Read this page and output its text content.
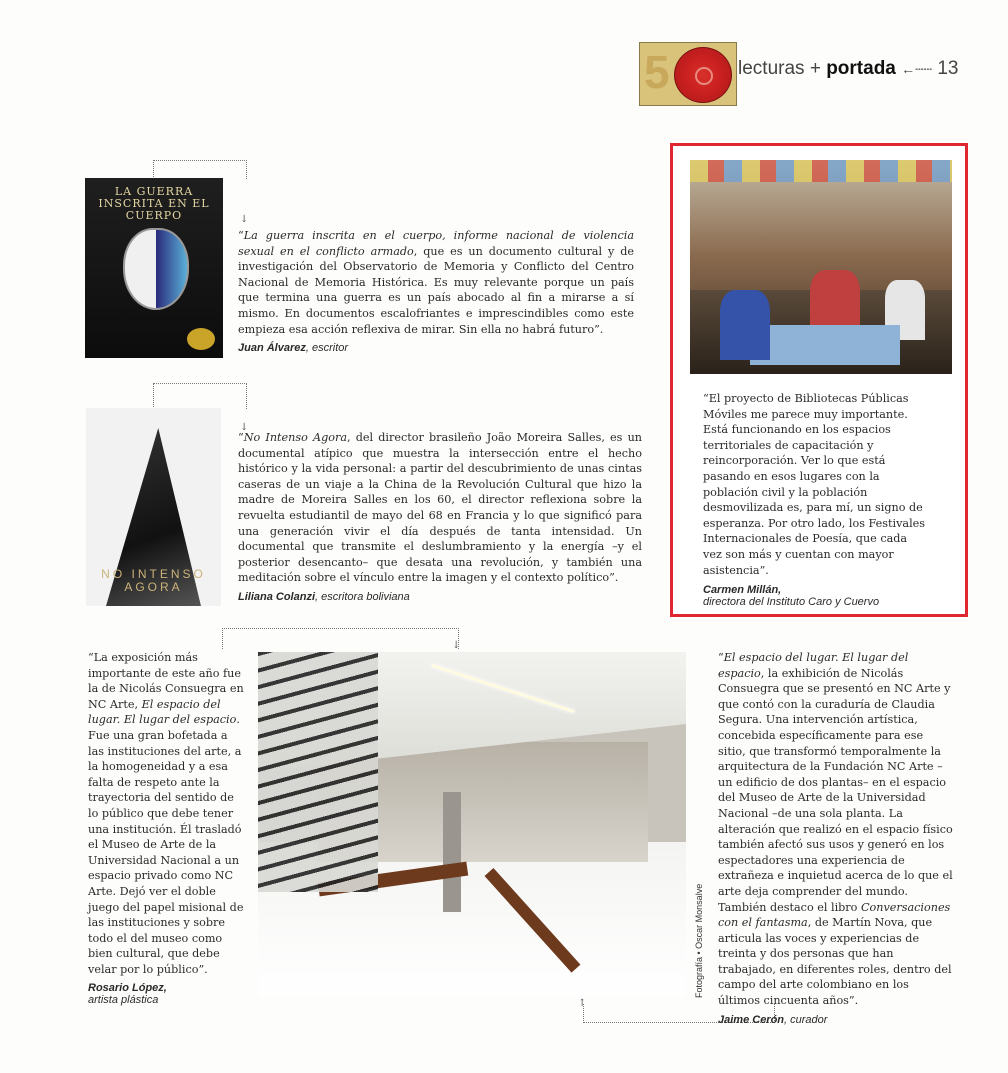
5	lecturas + portada ←┄┄ 13
↓
↓
↓
↑
LA GUERRA INSCRITA EN EL CUERPO

“La guerra inscrita en el cuerpo, informe nacional de violencia sexual en el conflicto armado, que es un documento cultural y de investigación del Observatorio de Memoria y Conflicto del Centro Nacional de Memoria Histórica. Es muy relevante porque un país que termina una guerra es un país abocado al fin a mirarse a sí mismo. En documentos escalofriantes e imprescindibles como este empieza esa acción reflexiva de mirar. Sin ella no habrá futuro”.

Juan Álvarez, escritor

NO INTENSO AGORA

“No Intenso Agora, del director brasileño João Moreira Salles, es un documental atípico que muestra la intersección entre el hecho histórico y la vida personal: a partir del descubrimiento de unas cintas caseras de un viaje a la China de la Revolución Cultural que hizo la madre de Moreira Salles en los 60, el director reflexiona sobre la revuelta estudiantil de mayo del 68 en Francia y lo que significó para una generación vivir el día después de tanta intensidad. Un documental que transmite el deslumbramiento y la energía –y el posterior desencanto– que desata una revolución, y también una meditación sobre el vínculo entre la imagen y el contexto político”.

Liliana Colanzi, escritora boliviana

“El proyecto de Bibliotecas Públicas Móviles me parece muy importante. Está funcionando en los espacios territoriales de capacitación y reincorporación. Ver lo que está pasando en esos lugares con la población civil y la población desmovilizada es, para mí, un signo de esperanza. Por otro lado, los Festivales Internacionales de Poesía, que cada vez son más y cuentan con mayor asistencia”.

Carmen Millán,
directora del Instituto Caro y Cuervo

“La exposición más importante de este año fue la de Nicolás Consuegra en NC Arte, El espacio del lugar. El lugar del espacio. Fue una gran bofetada a las instituciones del arte, a la homogeneidad y a esa falta de respeto ante la trayectoria del sentido de lo público que debe tener una institución. Él trasladó el Museo de Arte de la Universidad Nacional a un espacio privado como NC Arte. Dejó ver el doble juego del papel misional de las instituciones y sobre todo el del museo como bien cultural, que debe velar por lo público”.

Rosario López,
artista plástica

Fotografía • Oscar Monsalve

“El espacio del lugar. El lugar del espacio, la exhibición de Nicolás Consuegra que se presentó en NC Arte y que contó con la curaduría de Claudia Segura. Una intervención artística, concebida específicamente para ese sitio, que transformó temporalmente la arquitectura de la Fundación NC Arte –un edificio de dos plantas– en el espacio del Museo de Arte de la Universidad Nacional –de una sola planta. La alteración que realizó en el espacio físico también afectó sus usos y generó en los espectadores una experiencia de extrañeza e inquietud acerca de lo que el arte deja comprender del mundo. También destaco el libro Conversaciones con el fantasma, de Martín Nova, que articula las voces y experiencias de treinta y dos personas que han trabajado, en diferentes roles, dentro del campo del arte colombiano en los últimos cincuenta años”.

Jaime Cerón, curador
